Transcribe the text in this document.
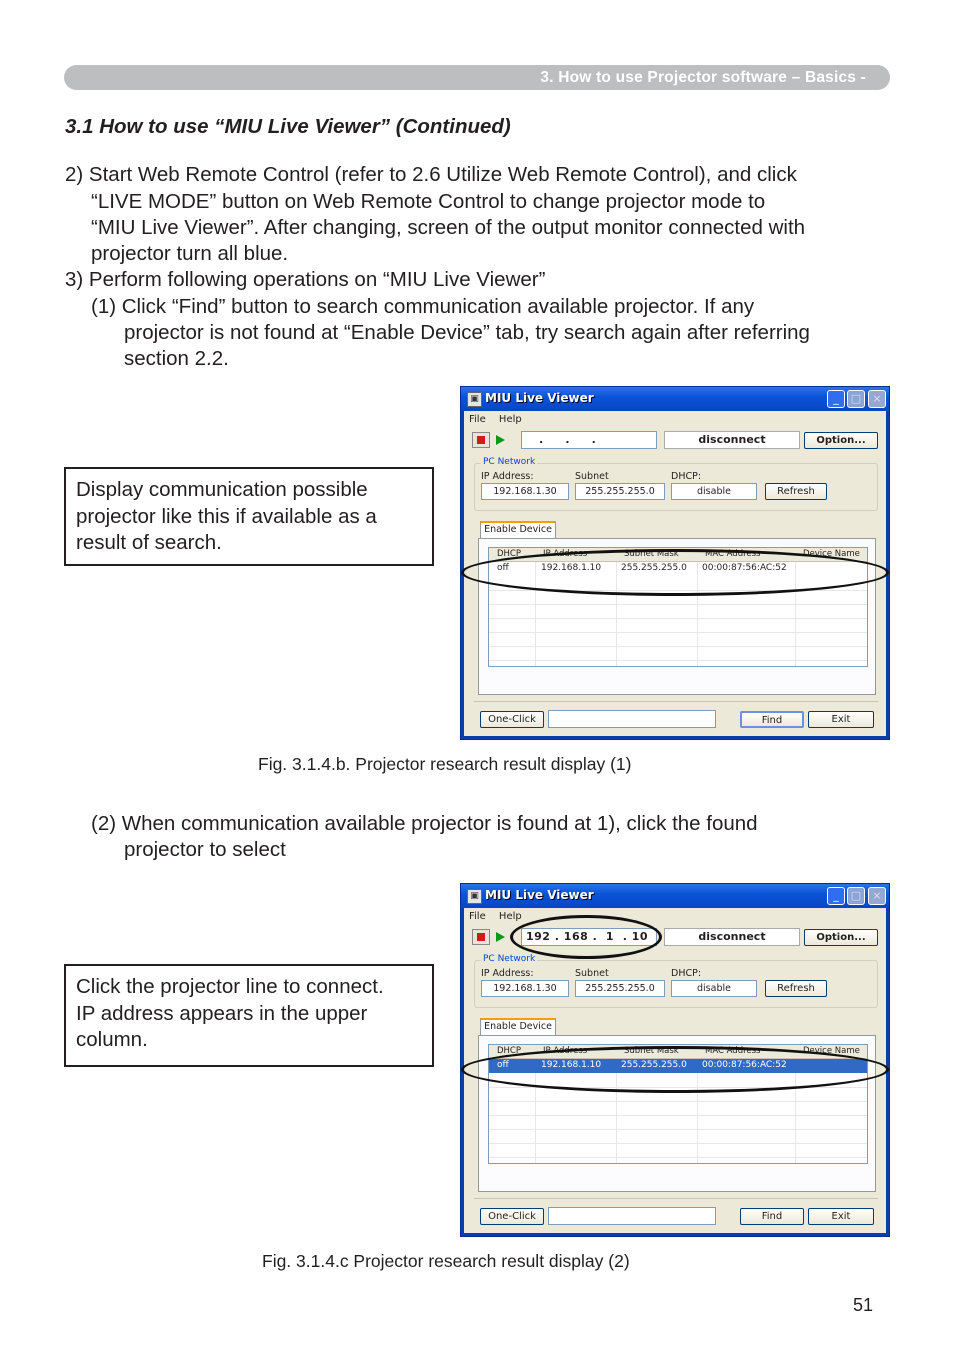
3. How to use Projector software – Basics -
3.1 How to use “MIU Live Viewer” (Continued)

2) Start Web Remote Control (refer to 2.6 Utilize Web Remote Control), and click

“LIVE MODE” button on Web Remote Control to change projector mode to

“MIU Live Viewer”. After changing, screen of the output monitor connected with

projector turn all blue.

3) Perform following operations on “MIU Live Viewer”

(1) Click “Find” button to search communication available projector. If any

projector is not found at “Enable Device” tab, try search again after referring

section 2.2.

Display communication possible
projector like this if available as a
result of search.
▣ MIU Live Viewer	_	□	×
File Help
.     .     .	disconnect	Option...
PC Network
IP Address:	Subnet	DHCP:
192.168.1.30	255.255.255.0	disable	Refresh
Enable Device
DHCP	IP Address	Subnet Mask	MAC Address	Device Name
off	192.168.1.10 255.255.255.0 00:00:87:56:AC:52
One-Click	Find	Exit
Fig. 3.1.4.b. Projector research result display (1)

(2) When communication available projector is found at 1), click the found

projector to select

Click the projector line to connect.
IP address appears in the upper
column.
▣ MIU Live Viewer	_	□	×
File Help
192 . 168 .  1  . 10	disconnect	Option...
PC Network
IP Address:	Subnet	DHCP:
192.168.1.30	255.255.255.0	disable	Refresh
Enable Device
DHCP	IP Address	Subnet Mask	MAC Address	Device Name
off	192.168.1.10 255.255.255.0 00:00:87:56:AC:52
One-Click	Find	Exit
Fig. 3.1.4.c Projector research result display (2)
51
